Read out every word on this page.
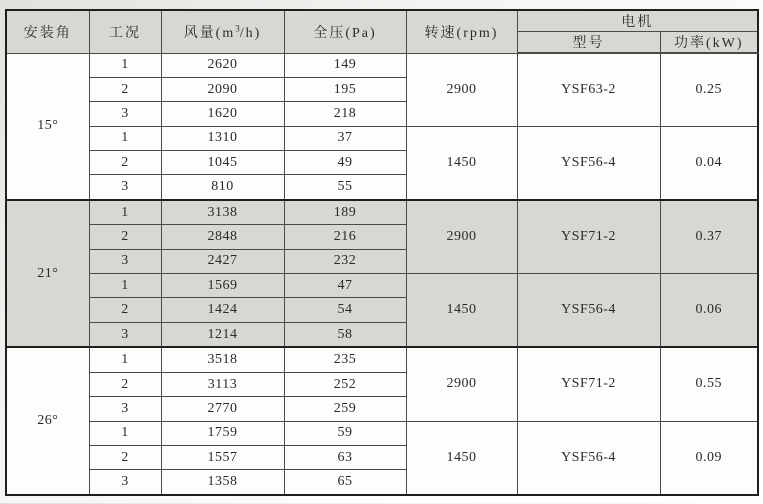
安装角	工况	风量$(m^3/h)$	全压(Pa)	转速(rpm)	电机	
					型号	功率(kW)
15°	1	2620	149	2900	YSF63-2	0.25
	2	2090	195			
	3	1620	218			
	1	1310	37	1450	YSF56-4	0.04
	2	1045	49			
	3	810	55			
21°	1	3138	189	2900	YSF71-2	0.37
	2	2848	216			
	3	2427	232			
	1	1569	47	1450	YSF56-4	0.06
	2	1424	54			
	3	1214	58			
26°	1	3518	235	2900	YSF71-2	0.55
	2	3113	252			
	3	2770	259			
	1	1759	59	1450	YSF56-4	0.09
	2	1557	63			
	3	1358	65			
